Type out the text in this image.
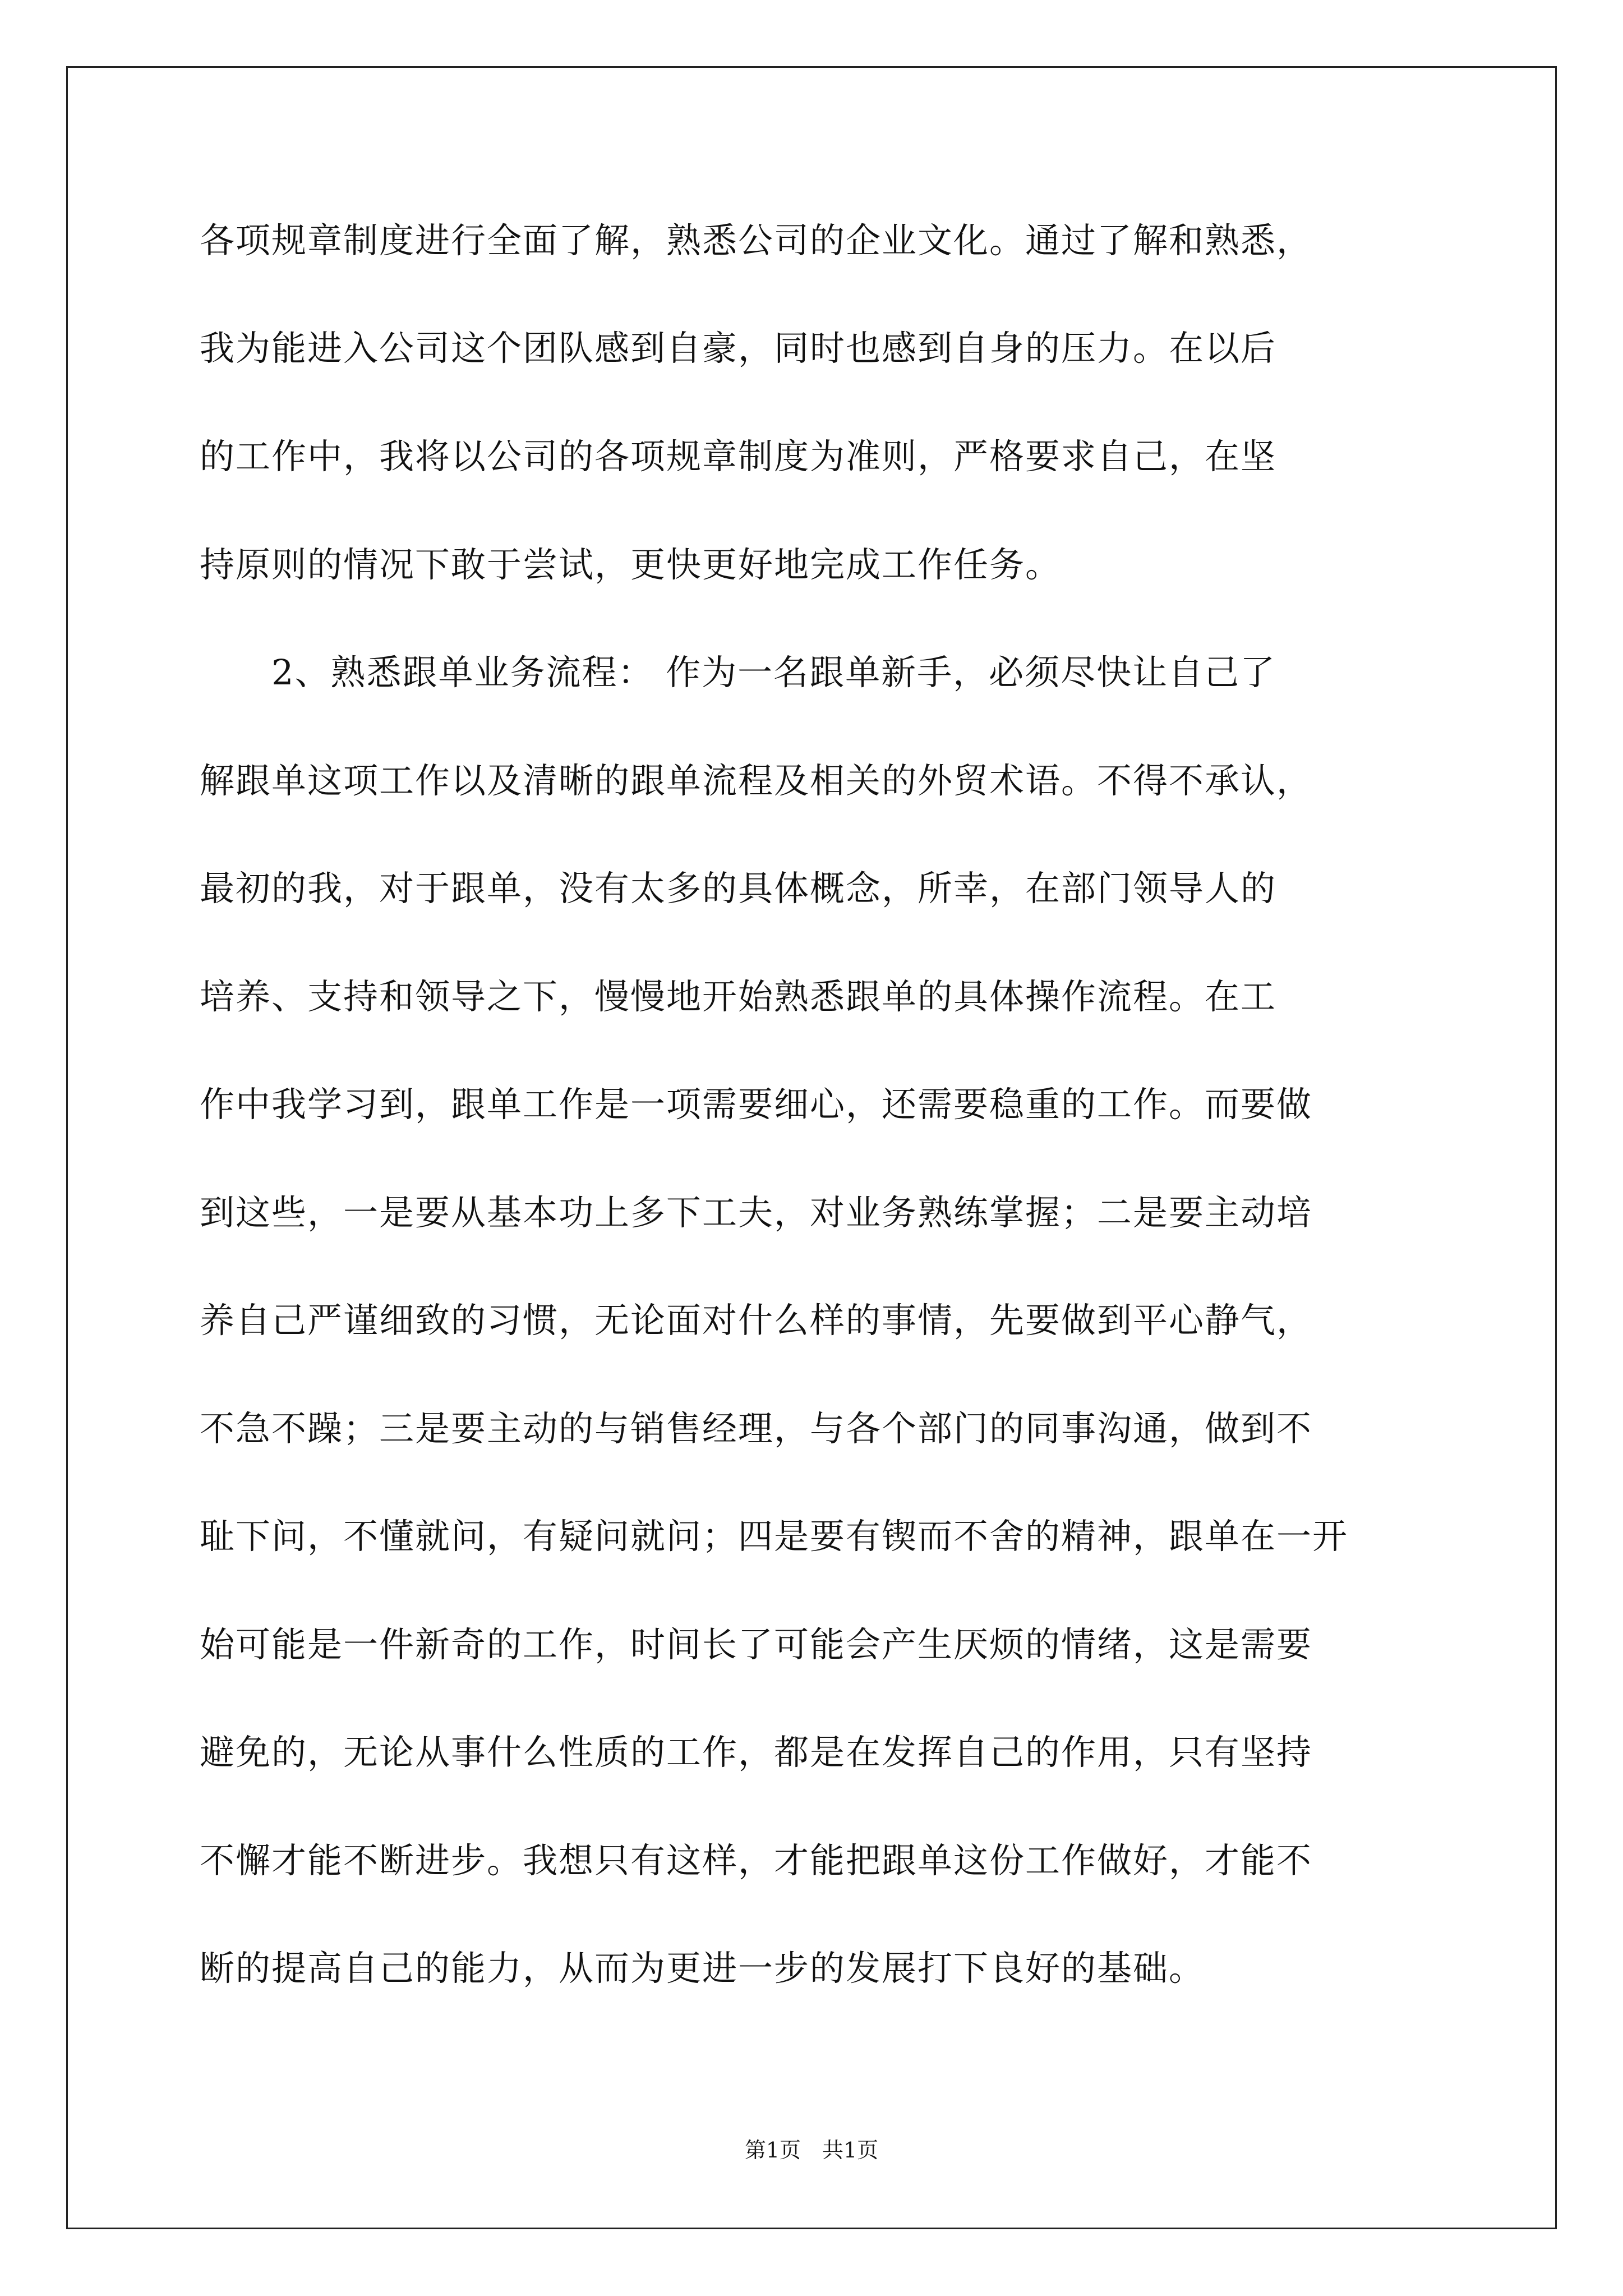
各项规章制度进行全面了解，熟悉公司的企业文化。通过了解和熟悉，
我为能进入公司这个团队感到自豪，同时也感到自身的压力。在以后
的工作中，我将以公司的各项规章制度为准则，严格要求自己，在坚
持原则的情况下敢于尝试，更快更好地完成工作任务。
　　2、熟悉跟单业务流程： 作为一名跟单新手，必须尽快让自己了
解跟单这项工作以及清晰的跟单流程及相关的外贸术语。不得不承认，
最初的我，对于跟单，没有太多的具体概念，所幸，在部门领导人的
培养、支持和领导之下，慢慢地开始熟悉跟单的具体操作流程。在工
作中我学习到，跟单工作是一项需要细心，还需要稳重的工作。而要做
到这些，一是要从基本功上多下工夫，对业务熟练掌握；二是要主动培
养自己严谨细致的习惯，无论面对什么样的事情，先要做到平心静气，
不急不躁；三是要主动的与销售经理，与各个部门的同事沟通，做到不
耻下问，不懂就问，有疑问就问；四是要有锲而不舍的精神，跟单在一开
始可能是一件新奇的工作，时间长了可能会产生厌烦的情绪，这是需要
避免的，无论从事什么性质的工作，都是在发挥自己的作用，只有坚持
不懈才能不断进步。我想只有这样，才能把跟单这份工作做好，才能不
断的提高自己的能力，从而为更进一步的发展打下良好的基础。
第1页　共1页
